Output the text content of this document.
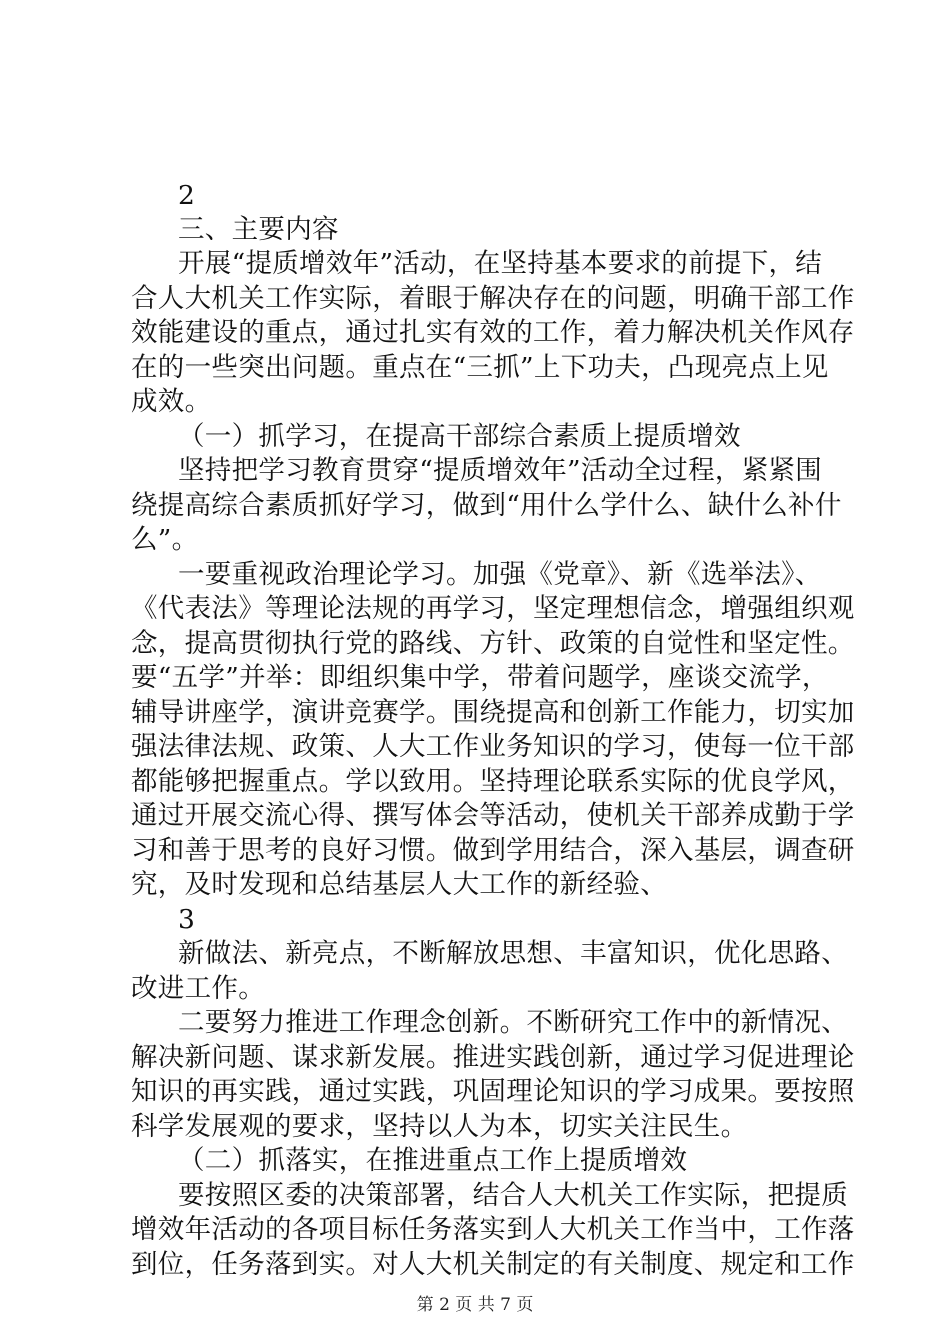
2
三、主要内容
开展“提质增效年”活动，在坚持基本要求的前提下，结
合人大机关工作实际，着眼于解决存在的问题，明确干部工作
效能建设的重点，通过扎实有效的工作，着力解决机关作风存
在的一些突出问题。重点在“三抓”上下功夫，凸现亮点上见
成效。
（一）抓学习，在提高干部综合素质上提质增效
坚持把学习教育贯穿“提质增效年”活动全过程，紧紧围
绕提高综合素质抓好学习，做到“用什么学什么、缺什么补什
么”。
一要重视政治理论学习。加强《党章》、新《选举法》、
《代表法》等理论法规的再学习，坚定理想信念，增强组织观
念，提高贯彻执行党的路线、方针、政策的自觉性和坚定性。
要“五学”并举：即组织集中学，带着问题学，座谈交流学，
辅导讲座学，演讲竞赛学。围绕提高和创新工作能力，切实加
强法律法规、政策、人大工作业务知识的学习，使每一位干部
都能够把握重点。学以致用。坚持理论联系实际的优良学风，
通过开展交流心得、撰写体会等活动，使机关干部养成勤于学
习和善于思考的良好习惯。做到学用结合，深入基层，调查研
究，及时发现和总结基层人大工作的新经验、
3
新做法、新亮点，不断解放思想、丰富知识，优化思路、
改进工作。
二要努力推进工作理念创新。不断研究工作中的新情况、
解决新问题、谋求新发展。推进实践创新，通过学习促进理论
知识的再实践，通过实践，巩固理论知识的学习成果。要按照
科学发展观的要求，坚持以人为本，切实关注民生。
（二）抓落实，在推进重点工作上提质增效
要按照区委的决策部署，结合人大机关工作实际，把提质
增效年活动的各项目标任务落实到人大机关工作当中，工作落
到位，任务落到实。对人大机关制定的有关制度、规定和工作
第 2 页 共 7 页
